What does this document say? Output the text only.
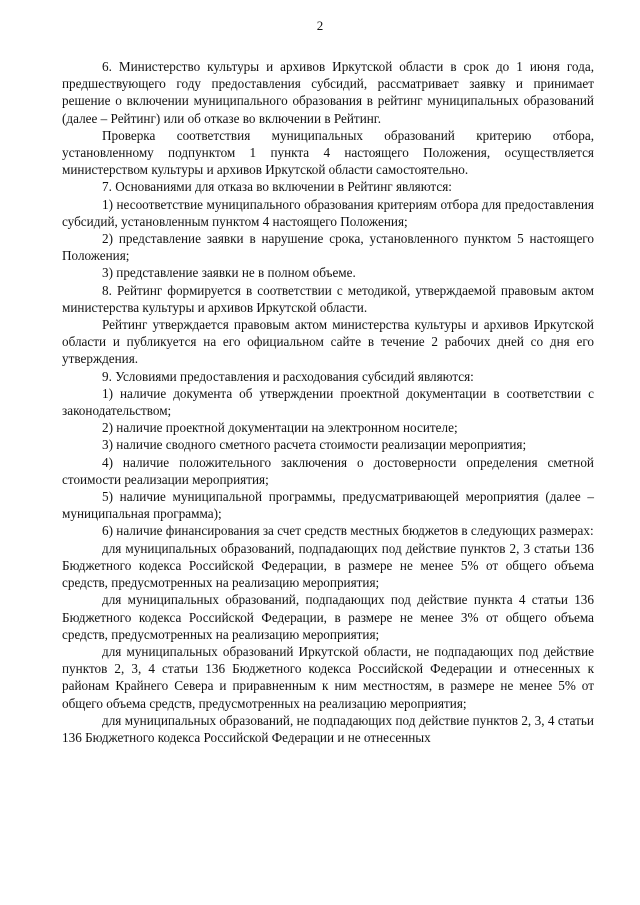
2

6. Министерство культуры и архивов Иркутской области в срок до 1 июня года, предшествующего году предоставления субсидий, рассматривает заявку и принимает решение о включении муниципального образования в рейтинг муниципальных образований (далее – Рейтинг) или об отказе во включении в Рейтинг.

Проверка соответствия муниципальных образований критерию отбора, установленному подпунктом 1 пункта 4 настоящего Положения, осуществляется министерством культуры и архивов Иркутской области самостоятельно.

7. Основаниями для отказа во включении в Рейтинг являются:

1) несоответствие муниципального образования критериям отбора для предоставления субсидий, установленным пунктом 4 настоящего Положения;

2) представление заявки в нарушение срока, установленного пунктом 5 настоящего Положения;

3) представление заявки не в полном объеме.

8. Рейтинг формируется в соответствии с методикой, утверждаемой правовым актом министерства культуры и архивов Иркутской области.

Рейтинг утверждается правовым актом министерства культуры и архивов Иркутской области и публикуется на его официальном сайте в течение 2 рабочих дней со дня его утверждения.

9. Условиями предоставления и расходования субсидий являются:

1) наличие документа об утверждении проектной документации в соответствии с законодательством;

2) наличие проектной документации на электронном носителе;

3) наличие сводного сметного расчета стоимости реализации мероприятия;

4) наличие положительного заключения о достоверности определения сметной стоимости реализации мероприятия;

5) наличие муниципальной программы, предусматривающей мероприятия (далее – муниципальная программа);

6) наличие финансирования за счет средств местных бюджетов в следующих размерах:

для муниципальных образований, подпадающих под действие пунктов 2, 3 статьи 136 Бюджетного кодекса Российской Федерации, в размере не менее 5% от общего объема средств, предусмотренных на реализацию мероприятия;

для муниципальных образований, подпадающих под действие пункта 4 статьи 136 Бюджетного кодекса Российской Федерации, в размере не менее 3% от общего объема средств, предусмотренных на реализацию мероприятия;

для муниципальных образований Иркутской области, не подпадающих под действие пунктов 2, 3, 4 статьи 136 Бюджетного кодекса Российской Федерации и отнесенных к районам Крайнего Севера и приравненным к ним местностям, в размере не менее 5% от общего объема средств, предусмотренных на реализацию мероприятия;

для муниципальных образований, не подпадающих под действие пунктов 2, 3, 4 статьи 136 Бюджетного кодекса Российской Федерации и не отнесенных
